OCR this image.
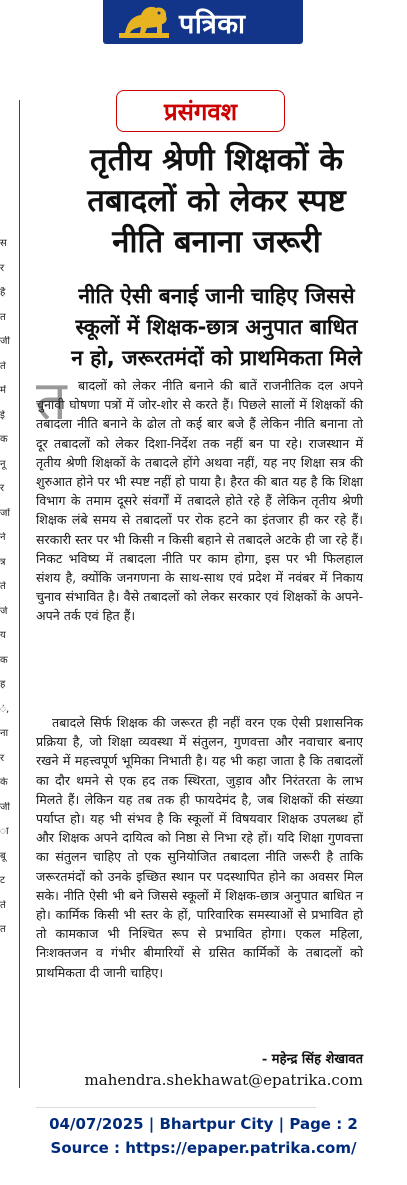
पत्रिका
स
र
है
त
जी
ते
में
ई
क
नू
र
जों
ने
त्र
ते
जे
य
क
ह
ं,
ना
र
के
जी
ा
बू
ट
ते
त
प्रसंगवश
तृतीय श्रेणी शिक्षकों के
तबादलों को लेकर स्पष्ट
नीति बनाना जरूरी
नीति ऐसी बनाई जानी चाहिए जिससे
स्कूलों में शिक्षक-छात्र अनुपात बाधित
न हो, जरूरतमंदों को प्राथमिकता मिले
त बादलों को लेकर नीति बनाने की बातें राजनीतिक दल अपने चुनावी घोषणा पत्रों में जोर-शोर से करते हैं। पिछले सालों में शिक्षकों की तबादला नीति बनाने के ढोल तो कई बार बजे हैं लेकिन नीति बनाना तो दूर तबादलों को लेकर दिशा-निर्देश तक नहीं बन पा रहे। राजस्थान में तृतीय श्रेणी शिक्षकों के तबादले होंगे अथवा नहीं, यह नए शिक्षा सत्र की शुरुआत होने पर भी स्पष्ट नहीं हो पाया है। हैरत की बात यह है कि शिक्षा विभाग के तमाम दूसरे संवर्गों में तबादले होते रहे हैं लेकिन तृतीय श्रेणी शिक्षक लंबे समय से तबादलों पर रोक हटने का इंतजार ही कर रहे हैं। सरकारी स्तर पर भी किसी न किसी बहाने से तबादले अटके ही जा रहे हैं। निकट भविष्य में तबादला नीति पर काम होगा, इस पर भी फिलहाल संशय है, क्योंकि जनगणना के साथ-साथ एवं प्रदेश में नवंबर में निकाय चुनाव संभावित है। वैसे तबादलों को लेकर सरकार एवं शिक्षकों के अपने-अपने तर्क एवं हित हैं।

तबादले सिर्फ शिक्षक की जरूरत ही नहीं वरन एक ऐसी प्रशासनिक प्रक्रिया है, जो शिक्षा व्यवस्था में संतुलन, गुणवत्ता और नवाचार बनाए रखने में महत्त्वपूर्ण भूमिका निभाती है। यह भी कहा जाता है कि तबादलों का दौर थमने से एक हद तक स्थिरता, जुड़ाव और निरंतरता के लाभ मिलते हैं। लेकिन यह तब तक ही फायदेमंद है, जब शिक्षकों की संख्या पर्याप्त हो। यह भी संभव है कि स्कूलों में विषयवार शिक्षक उपलब्ध हों और शिक्षक अपने दायित्व को निष्ठा से निभा रहे हों। यदि शिक्षा गुणवत्ता का संतुलन चाहिए तो एक सुनियोजित तबादला नीति जरूरी है ताकि जरूरतमंदों को उनके इच्छित स्थान पर पदस्थापित होने का अवसर मिल सके। नीति ऐसी भी बने जिससे स्कूलों में शिक्षक-छात्र अनुपात बाधित न हो। कार्मिक किसी भी स्तर के हों, पारिवारिक समस्याओं से प्रभावित हो तो कामकाज भी निश्चित रूप से प्रभावित होगा। एकल महिला, निःशक्तजन व गंभीर बीमारियों से ग्रसित कार्मिकों के तबादलों को प्राथमिकता दी जानी चाहिए।

- महेन्द्र सिंह शेखावत

mahendra.shekhawat@epatrika.com

04/07/2025 | Bhartpur City | Page : 2
Source : https://epaper.patrika.com/
